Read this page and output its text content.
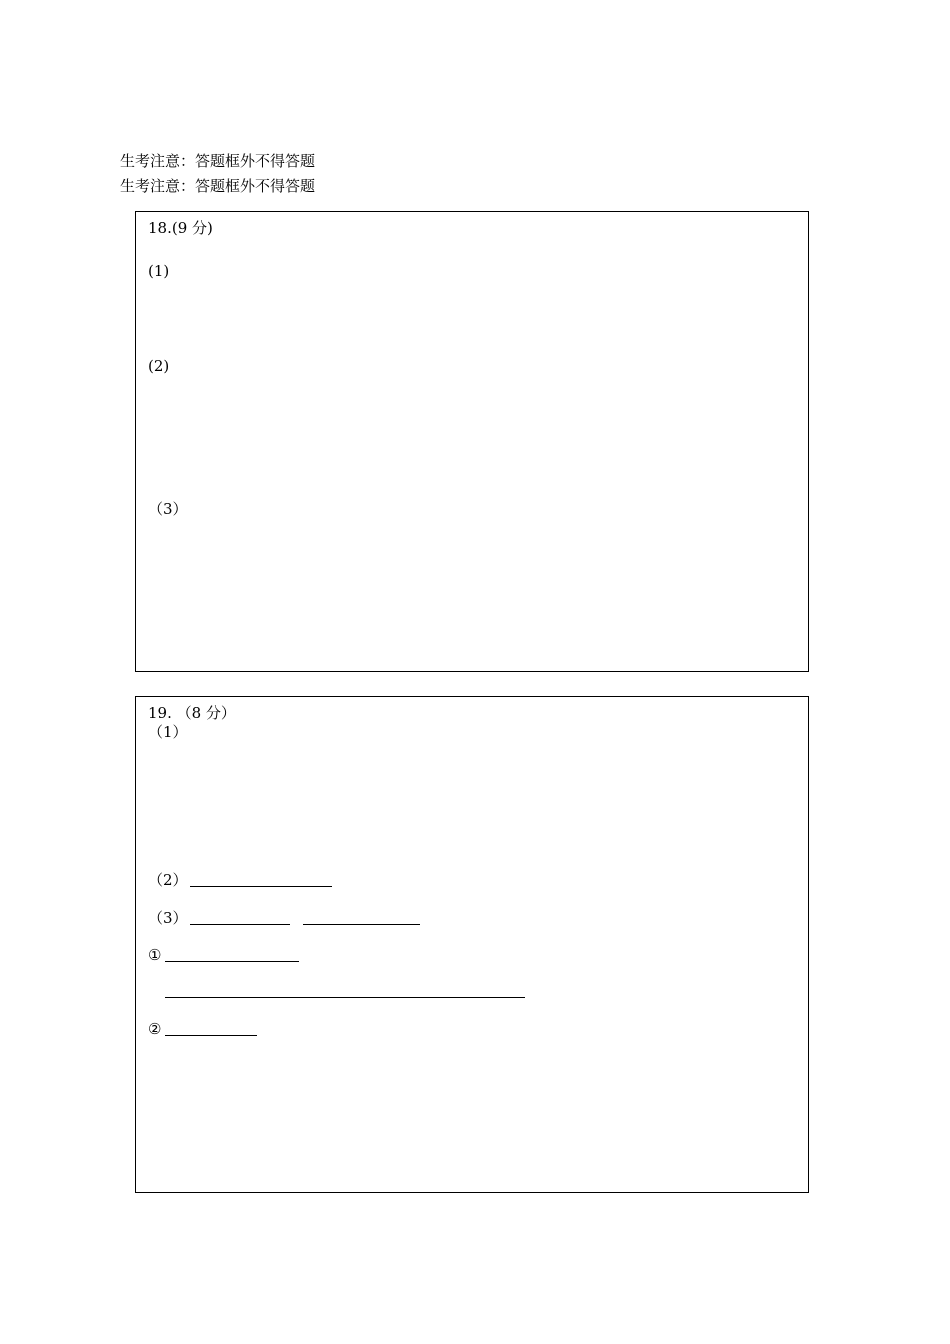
生考注意：答题框外不得答题
生考注意：答题框外不得答题
18.(9 分)
(1)
(2)
（3）
19. （8 分）
（1）
（2）
（3）
①
②
